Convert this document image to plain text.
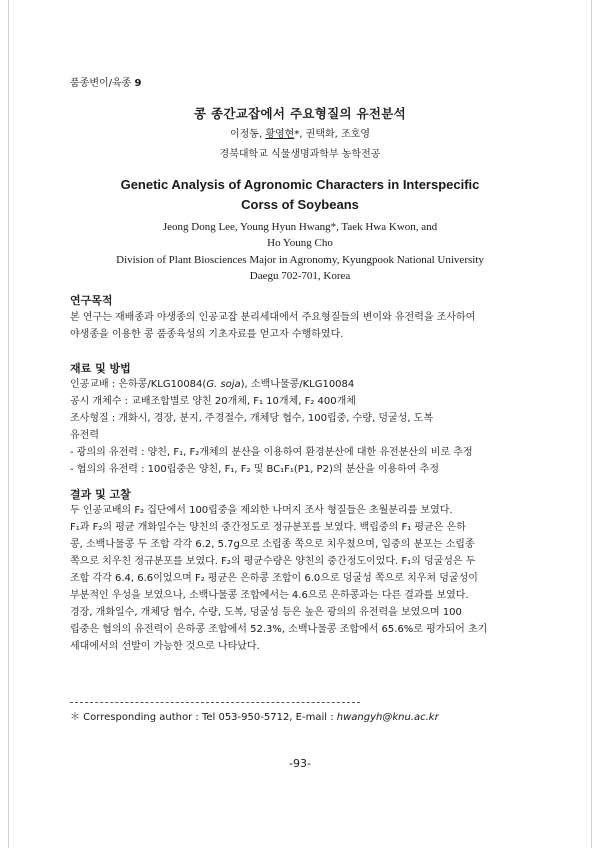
품종변이/육종 9
콩 종간교잡에서 주요형질의 유전분석
이정동, 황영현*, 권택화, 조호영
경북대학교 식물생명과학부 농학전공
Genetic Analysis of Agronomic Characters in Interspecific
Corss of Soybeans
Jeong Dong Lee, Young Hyun Hwang*, Taek Hwa Kwon, and
Ho Young Cho
Division of Plant Biosciences Major in Agronomy, Kyungpook National University
Daegu 702-701, Korea
연구목적
본 연구는 재배종과 야생종의 인공교잡 분리세대에서 주요형질들의 변이와 유전력을 조사하여
야생종을 이용한 콩 품종육성의 기초자료를 얻고자 수행하였다.
재료 및 방법
인공교배 : 은하콩/KLG10084(G. soja), 소백나물콩/KLG10084
공시 개체수 : 교배조합별로 양친 20개체, F₁ 10개체, F₂ 400개체
조사형질 : 개화시, 경장, 분지, 주경절수, 개체당 협수, 100립중, 수량, 덩굴성, 도복
유전력
- 광의의 유전력 : 양친, F₁, F₂개체의 분산을 이용하여 환경분산에 대한 유전분산의 비로 추정
- 협의의 유전력 : 100립중은 양친, F₁, F₂ 및 BC₁F₁(P1, P2)의 분산을 이용하여 추정
결과 및 고찰
두 인공교배의 F₂ 집단에서 100립중을 제외한 나머지 조사 형질들은 초월분리를 보였다.
F₁과 F₂의 평균 개화일수는 양친의 중간정도로 정규분포를 보였다. 백립중의 F₁ 평균은 은하
콩, 소백나물콩 두 조합 각각 6.2, 5.7g으로 소립종 쪽으로 치우쳤으며, 입중의 분포는 소립종
쪽으로 치우친 정규분포를 보였다. F₂의 평균수량은 양친의 중간정도이었다. F₁의 덩굴성은 두
조합 각각 6.4, 6.6이었으며 F₂ 평균은 은하콩 조합이 6.0으로 덩굴성 쪽으로 치우쳐 덩굴성이
부분적인 우성을 보였으나, 소백나물콩 조합에서는 4.6으로 은하콩과는 다른 결과를 보였다.
경장, 개화일수, 개체당 협수, 수량, 도복, 덩굴성 등은 높은 광의의 유전력을 보였으며 100
립중은 협의의 유전력이 은하콩 조합에서 52.3%, 소백나물콩 조합에서 65.6%로 평가되어 초기
세대에서의 선발이 가능한 것으로 나타났다.
＊ Corresponding author : Tel 053-950-5712, E-mail : hwangyh@knu.ac.kr
-93-
